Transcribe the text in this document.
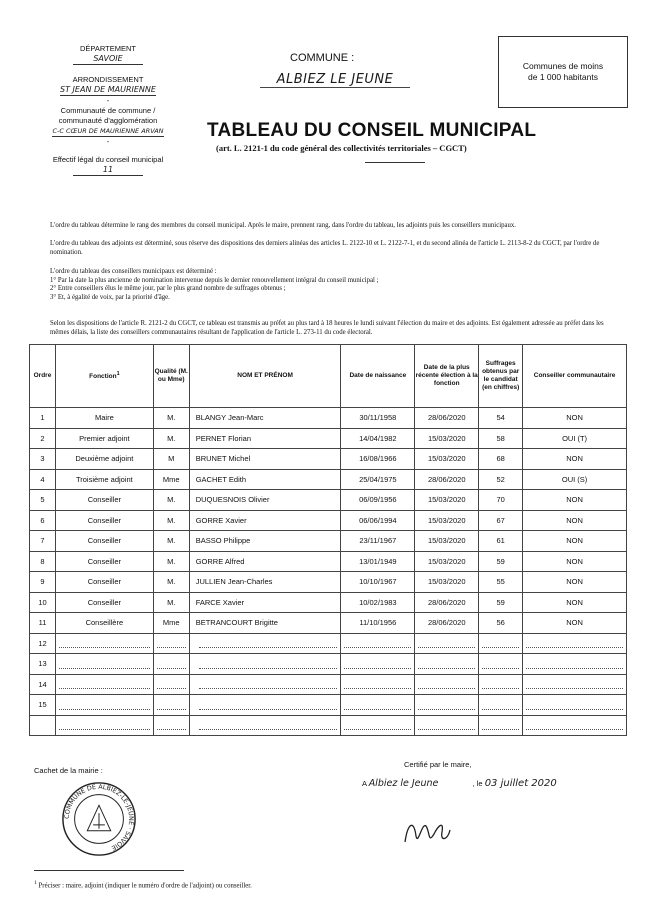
DÉPARTEMENT
SAVOIE
ARRONDISSEMENT
ST JEAN DE MAURIENNE
-
Communauté de commune /
communauté d'agglomération
C-C CŒUR DE MAURIENNE ARVAN
-
Effectif légal du conseil municipal
11
COMMUNE :
ALBIEZ LE JEUNE
Communes de moins
de 1 000 habitants
TABLEAU DU CONSEIL MUNICIPAL
(art. L. 2121-1 du code général des collectivités territoriales – CGCT)
L'ordre du tableau détermine le rang des membres du conseil municipal. Après le maire, prennent rang, dans l'ordre du tableau, les adjoints puis les conseillers municipaux.
L'ordre du tableau des adjoints est déterminé, sous réserve des dispositions des derniers alinéas des articles L. 2122-10 et L. 2122-7-1, et du second alinéa de l'article L. 2113-8-2 du CGCT, par l'ordre de nomination.
L'ordre du tableau des conseillers municipaux est déterminé :
1° Par la date la plus ancienne de nomination intervenue depuis le dernier renouvellement intégral du conseil municipal ;
2° Entre conseillers élus le même jour, par le plus grand nombre de suffrages obtenus ;
3° Et, à égalité de voix, par la priorité d'âge.
Selon les dispositions de l'article R. 2121-2 du CGCT, ce tableau est transmis au préfet au plus tard à 18 heures le lundi suivant l'élection du maire et des adjoints. Est également adressée au préfet dans les mêmes délais, la liste des conseillers communautaires résultant de l'application de l'article L. 273-11 du code électoral.
Ordre	Fonction$^1$	Qualité (M. ou Mme)	NOM ET PRÉNOM	Date de naissance	Date de la plus récente élection à la fonction	Suffrages obtenus par le candidat (en chiffres)	Conseiller communautaire
1	Maire	M.	BLANGY Jean-Marc	30/11/1958	28/06/2020	54	NON
2	Premier adjoint	M.	PERNET Florian	14/04/1982	15/03/2020	58	OUI (T)
3	Deuxième adjoint	M	BRUNET Michel	16/08/1966	15/03/2020	68	NON
4	Troisième adjoint	Mme	GACHET Edith	25/04/1975	28/06/2020	52	OUI (S)
5	Conseiller	M.	DUQUESNOIS Olivier	06/09/1956	15/03/2020	70	NON
6	Conseiller	M.	GORRE Xavier	06/06/1994	15/03/2020	67	NON
7	Conseiller	M.	BASSO Philippe	23/11/1967	15/03/2020	61	NON
8	Conseiller	M.	GORRE Alfred	13/01/1949	15/03/2020	59	NON
9	Conseiller	M.	JULLIEN Jean-Charles	10/10/1967	15/03/2020	55	NON
10	Conseiller	M.	FARCE Xavier	10/02/1983	28/06/2020	59	NON
11	Conseillère	Mme	BETRANCOURT Brigitte	11/10/1956	28/06/2020	56	NON
12	

13	

14	

15	

Cachet de la mairie :
Certifié par le maire,
A Albiez le Jeune	, le 03 juillet 2020
COMMUNE DE ALBIEZ-LE-JEUNE · SAVOIE
$^1$ Préciser : maire, adjoint (indiquer le numéro d'ordre de l'adjoint) ou conseiller.
